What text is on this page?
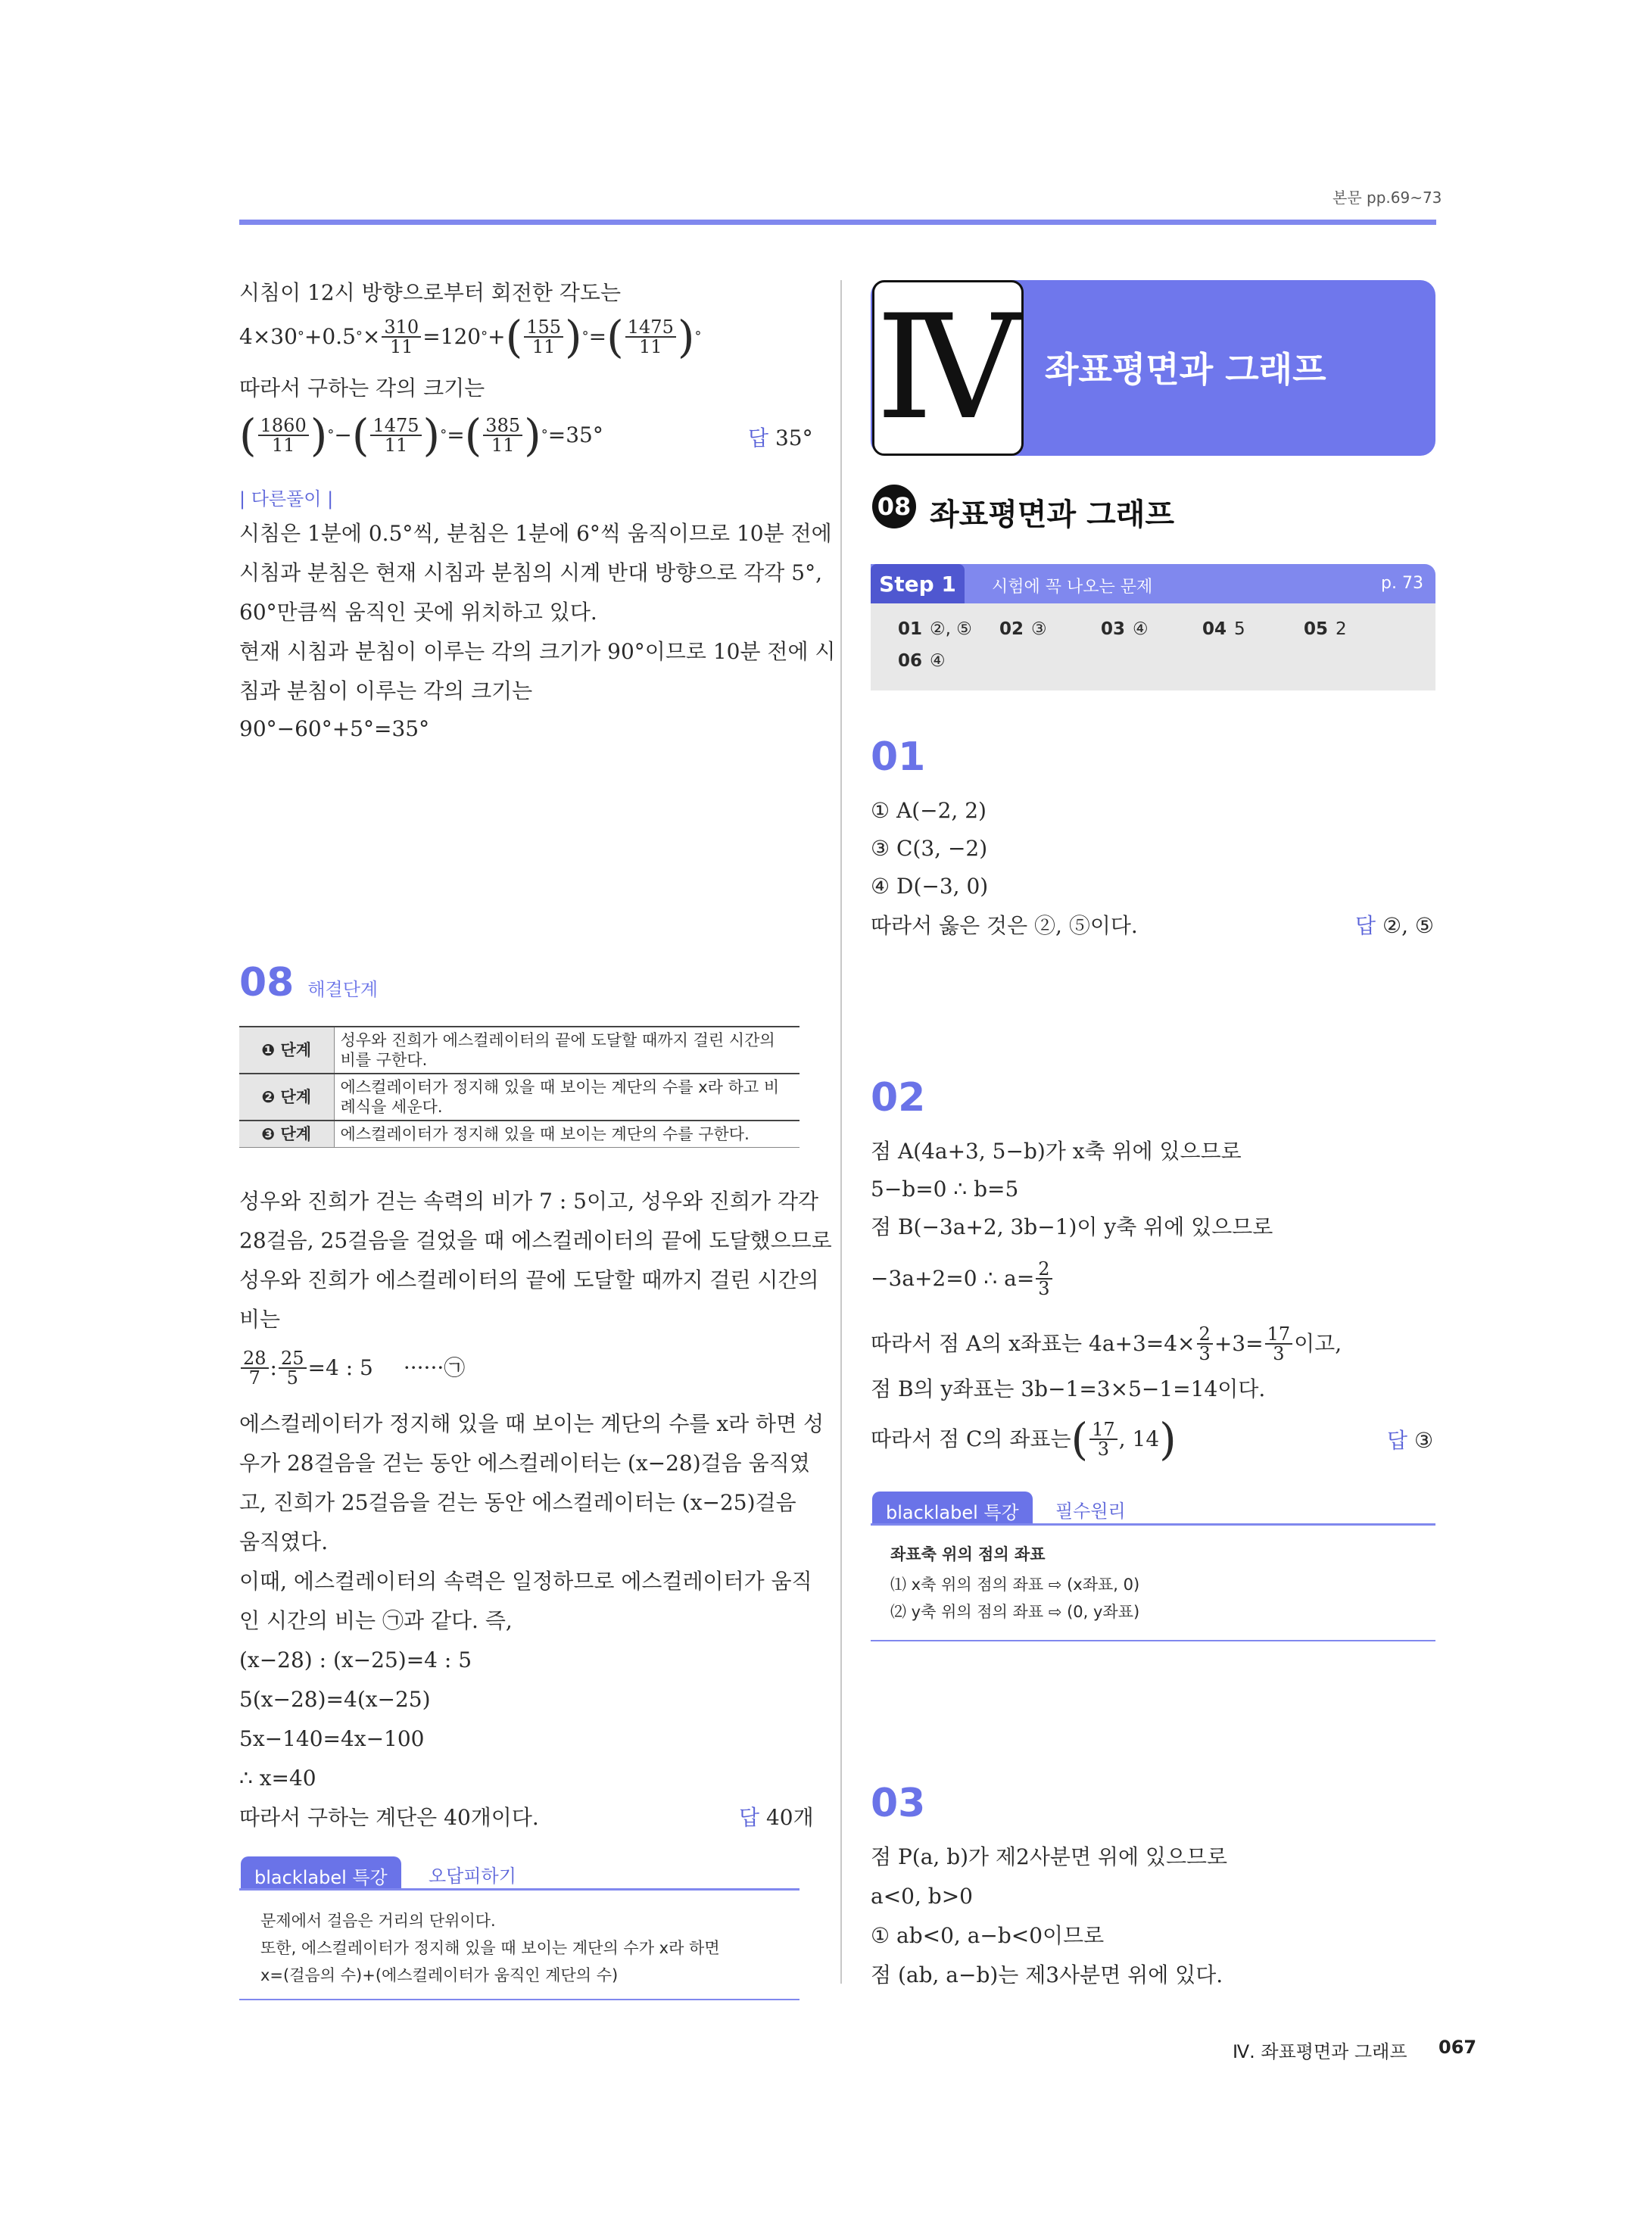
본문 pp.69~73
시침이 12시 방향으로부터 회전한 각도는
4×30 ° +0.5 ° × $\frac{310}{11} =120$ ° + ( $\frac{155}{11}$ ) ° = ( $\frac{1475}{11}$ ) °
따라서 구하는 각의 크기는
( $\frac{1860}{11}$ ) ° − ( $\frac{1475}{11}$ ) ° = ( $\frac{385}{11}$ ) ° =35°	답 35°
| 다른풀이 |
시침은 1분에 0.5°씩, 분침은 1분에 6°씩 움직이므로 10분 전에
시침과 분침은 현재 시침과 분침의 시계 반대 방향으로 각각 5°,
60°만큼씩 움직인 곳에 위치하고 있다.
현재 시침과 분침이 이루는 각의 크기가 90°이므로 10분 전에 시
침과 분침이 이루는 각의 크기는
90°−60°+5°=35°
08 해결단계
❶ 단계	성우와 진희가 에스컬레이터의 끝에 도달할 때까지 걸린 시간의 비를 구한다.
❷ 단계	에스컬레이터가 정지해 있을 때 보이는 계단의 수를 x라 하고 비례식을 세운다.
❸ 단계	에스컬레이터가 정지해 있을 때 보이는 계단의 수를 구한다.
성우와 진희가 걷는 속력의 비가 7 : 5이고, 성우와 진희가 각각
28걸음, 25걸음을 걸었을 때 에스컬레이터의 끝에 도달했으므로
성우와 진희가 에스컬레이터의 끝에 도달할 때까지 걸린 시간의
비는
$\frac{28}{7}$ : $\frac{25}{5} =4$ : 5 ······㉠
에스컬레이터가 정지해 있을 때 보이는 계단의 수를 x라 하면 성
우가 28걸음을 걷는 동안 에스컬레이터는 (x−28)걸음 움직였
고, 진희가 25걸음을 걷는 동안 에스컬레이터는 (x−25)걸음
움직였다.
이때, 에스컬레이터의 속력은 일정하므로 에스컬레이터가 움직
인 시간의 비는 ㉠과 같다. 즉,
(x−28) : (x−25)=4 : 5
5(x−28)=4(x−25)
5x−140=4x−100
∴ x=40
따라서 구하는 계단은 40개이다.	답 40개
blacklabel 특강	오답피하기
문제에서 걸음은 거리의 단위이다.
또한, 에스컬레이터가 정지해 있을 때 보이는 계단의 수가 x라 하면
x=(걸음의 수)+(에스컬레이터가 움직인 계단의 수)
Ⅳ 좌표평면과 그래프
08 좌표평면과 그래프
Step 1	시험에 꼭 나오는 문제	p. 73
01 ②, ⑤ 02 ③	03 ④	04 5	05 2
06 ④
01
① A(−2, 2)
③ C(3, −2)
④ D(−3, 0)
따라서 옳은 것은 ②, ⑤이다.	답 ②, ⑤
02
점 A(4a+3, 5−b)가 x축 위에 있으므로
5−b=0 ∴ b=5
점 B(−3a+2, 3b−1)이 y축 위에 있으므로
−3a+2=0 ∴ $a= \frac{2}{3}$
따라서 점 A의 x좌표는 $4a+3=4\times \frac{2}{3} +3= \frac{17}{3}$ 이고,
점 B의 y좌표는 3b−1=3×5−1=14이다.
따라서 점 C의 좌표는 ( $\frac{17}{3}$ , 14 )	답 ③
blacklabel 특강	필수원리
좌표축 위의 점의 좌표
⑴ x축 위의 점의 좌표 ⇨ (x좌표, 0)
⑵ y축 위의 점의 좌표 ⇨ (0, y좌표)
03
점 P(a, b)가 제2사분면 위에 있으므로
a<0, b>0
① ab<0, a−b<0이므로
점 (ab, a−b)는 제3사분면 위에 있다.
Ⅳ. 좌표평면과 그래프 067
